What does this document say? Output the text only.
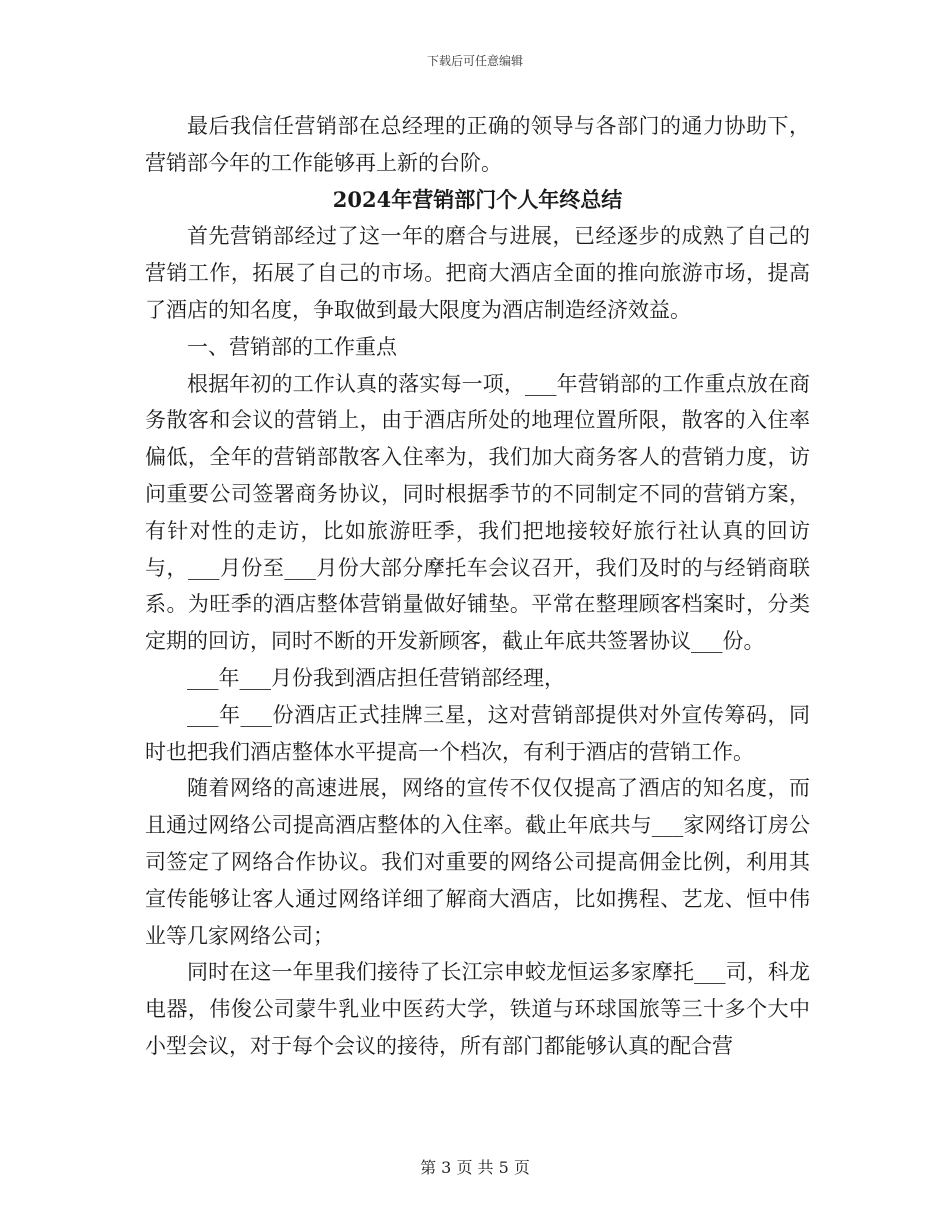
下载后可任意编辑

最后我信任营销部在总经理的正确的领导与各部门的通力协助下，营销部今年的工作能够再上新的台阶。

2024年营销部门个人年终总结

首先营销部经过了这一年的磨合与进展，已经逐步的成熟了自己的营销工作，拓展了自己的市场。把商大酒店全面的推向旅游市场，提高了酒店的知名度，争取做到最大限度为酒店制造经济效益。

一、营销部的工作重点

根据年初的工作认真的落实每一项，___年营销部的工作重点放在商务散客和会议的营销上，由于酒店所处的地理位置所限，散客的入住率偏低，全年的营销部散客入住率为，我们加大商务客人的营销力度，访问重要公司签署商务协议，同时根据季节的不同制定不同的营销方案，有针对性的走访，比如旅游旺季，我们把地接较好旅行社认真的回访与，___月份至___月份大部分摩托车会议召开，我们及时的与经销商联系。为旺季的酒店整体营销量做好铺垫。平常在整理顾客档案时，分类定期的回访，同时不断的开发新顾客，截止年底共签署协议___份。

___年___月份我到酒店担任营销部经理，

___年___份酒店正式挂牌三星，这对营销部提供对外宣传筹码，同时也把我们酒店整体水平提高一个档次，有利于酒店的营销工作。

随着网络的高速进展，网络的宣传不仅仅提高了酒店的知名度，而且通过网络公司提高酒店整体的入住率。截止年底共与___家网络订房公司签定了网络合作协议。我们对重要的网络公司提高佣金比例，利用其宣传能够让客人通过网络详细了解商大酒店，比如携程、艺龙、恒中伟业等几家网络公司；

同时在这一年里我们接待了长江宗申蛟龙恒运多家摩托___司，科龙电器，伟俊公司蒙牛乳业中医药大学，铁道与环球国旅等三十多个大中小型会议，对于每个会议的接待，所有部门都能够认真的配合营

第 3 页 共 5 页
